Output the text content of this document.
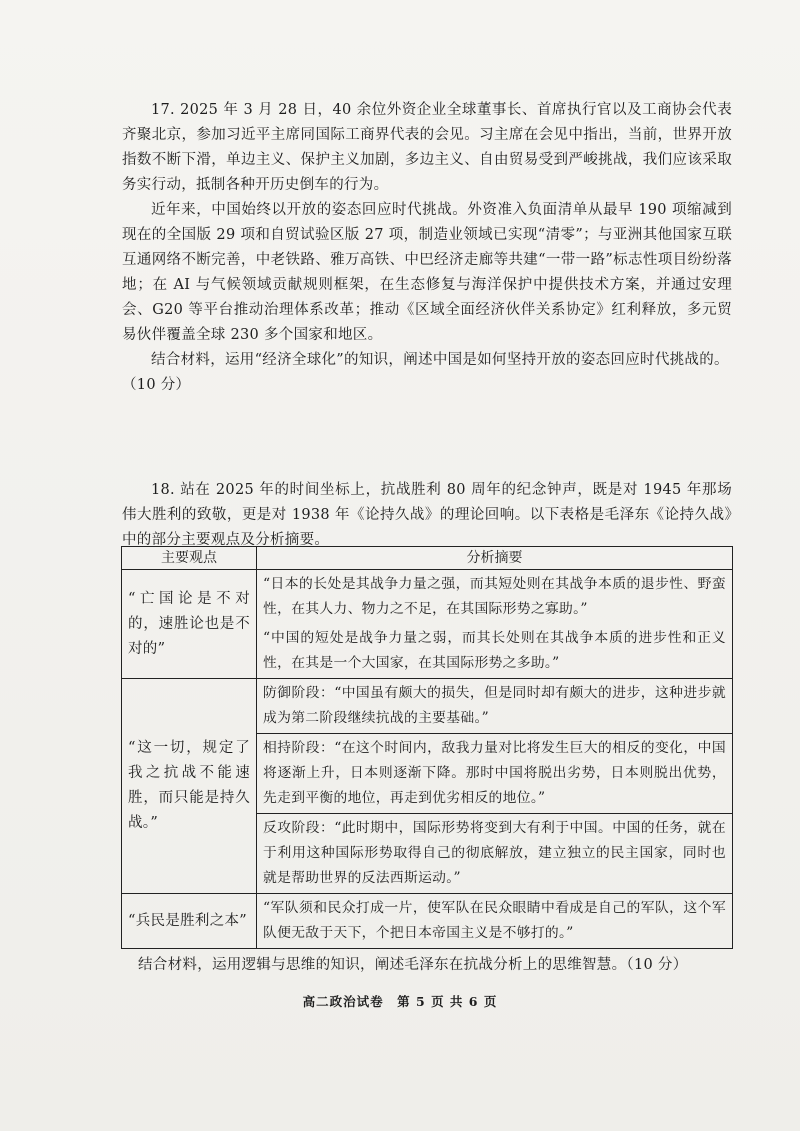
17. 2025 年 3 月 28 日，40 余位外资企业全球董事长、首席执行官以及工商协会代表齐聚北京，参加习近平主席同国际工商界代表的会见。习主席在会见中指出，当前，世界开放指数不断下滑，单边主义、保护主义加剧，多边主义、自由贸易受到严峻挑战，我们应该采取务实行动，抵制各种开历史倒车的行为。

近年来，中国始终以开放的姿态回应时代挑战。外资准入负面清单从最早 190 项缩减到现在的全国版 29 项和自贸试验区版 27 项，制造业领域已实现“清零”；与亚洲其他国家互联互通网络不断完善，中老铁路、雅万高铁、中巴经济走廊等共建“一带一路”标志性项目纷纷落地；在 AI 与气候领域贡献规则框架，在生态修复与海洋保护中提供技术方案，并通过安理会、G20 等平台推动治理体系改革；推动《区域全面经济伙伴关系协定》红利释放，多元贸易伙伴覆盖全球 230 多个国家和地区。

结合材料，运用“经济全球化”的知识，阐述中国是如何坚持开放的姿态回应时代挑战的。

（10 分）

18. 站在 2025 年的时间坐标上，抗战胜利 80 周年的纪念钟声，既是对 1945 年那场伟大胜利的致敬，更是对 1938 年《论持久战》的理论回响。以下表格是毛泽东《论持久战》中的部分主要观点及分析摘要。

主要观点	分析摘要

“亡国论是不对的，速胜论也是不对的”	“日本的长处是其战争力量之强，而其短处则在其战争本质的退步性、野蛮性，在其人力、物力之不足，在其国际形势之寡助。”

“中国的短处是战争力量之弱，而其长处则在其战争本质的进步性和正义性，在其是一个大国家，在其国际形势之多助。”

“这一切，规定了我之抗战不能速胜，而只能是持久战。”	防御阶段：“中国虽有颇大的损失，但是同时却有颇大的进步，这种进步就成为第二阶段继续抗战的主要基础。”

相持阶段：“在这个时间内，敌我力量对比将发生巨大的相反的变化，中国将逐渐上升，日本则逐渐下降。那时中国将脱出劣势，日本则脱出优势，先走到平衡的地位，再走到优劣相反的地位。”

反攻阶段：“此时期中，国际形势将变到大有利于中国。中国的任务，就在于利用这种国际形势取得自己的彻底解放，建立独立的民主国家，同时也就是帮助世界的反法西斯运动。”

“兵民是胜利之本”	“军队须和民众打成一片，使军队在民众眼睛中看成是自己的军队，这个军队便无敌于天下，个把日本帝国主义是不够打的。”

结合材料，运用逻辑与思维的知识，阐述毛泽东在抗战分析上的思维智慧。（10 分）

高二政治试卷　第 5 页 共 6 页
